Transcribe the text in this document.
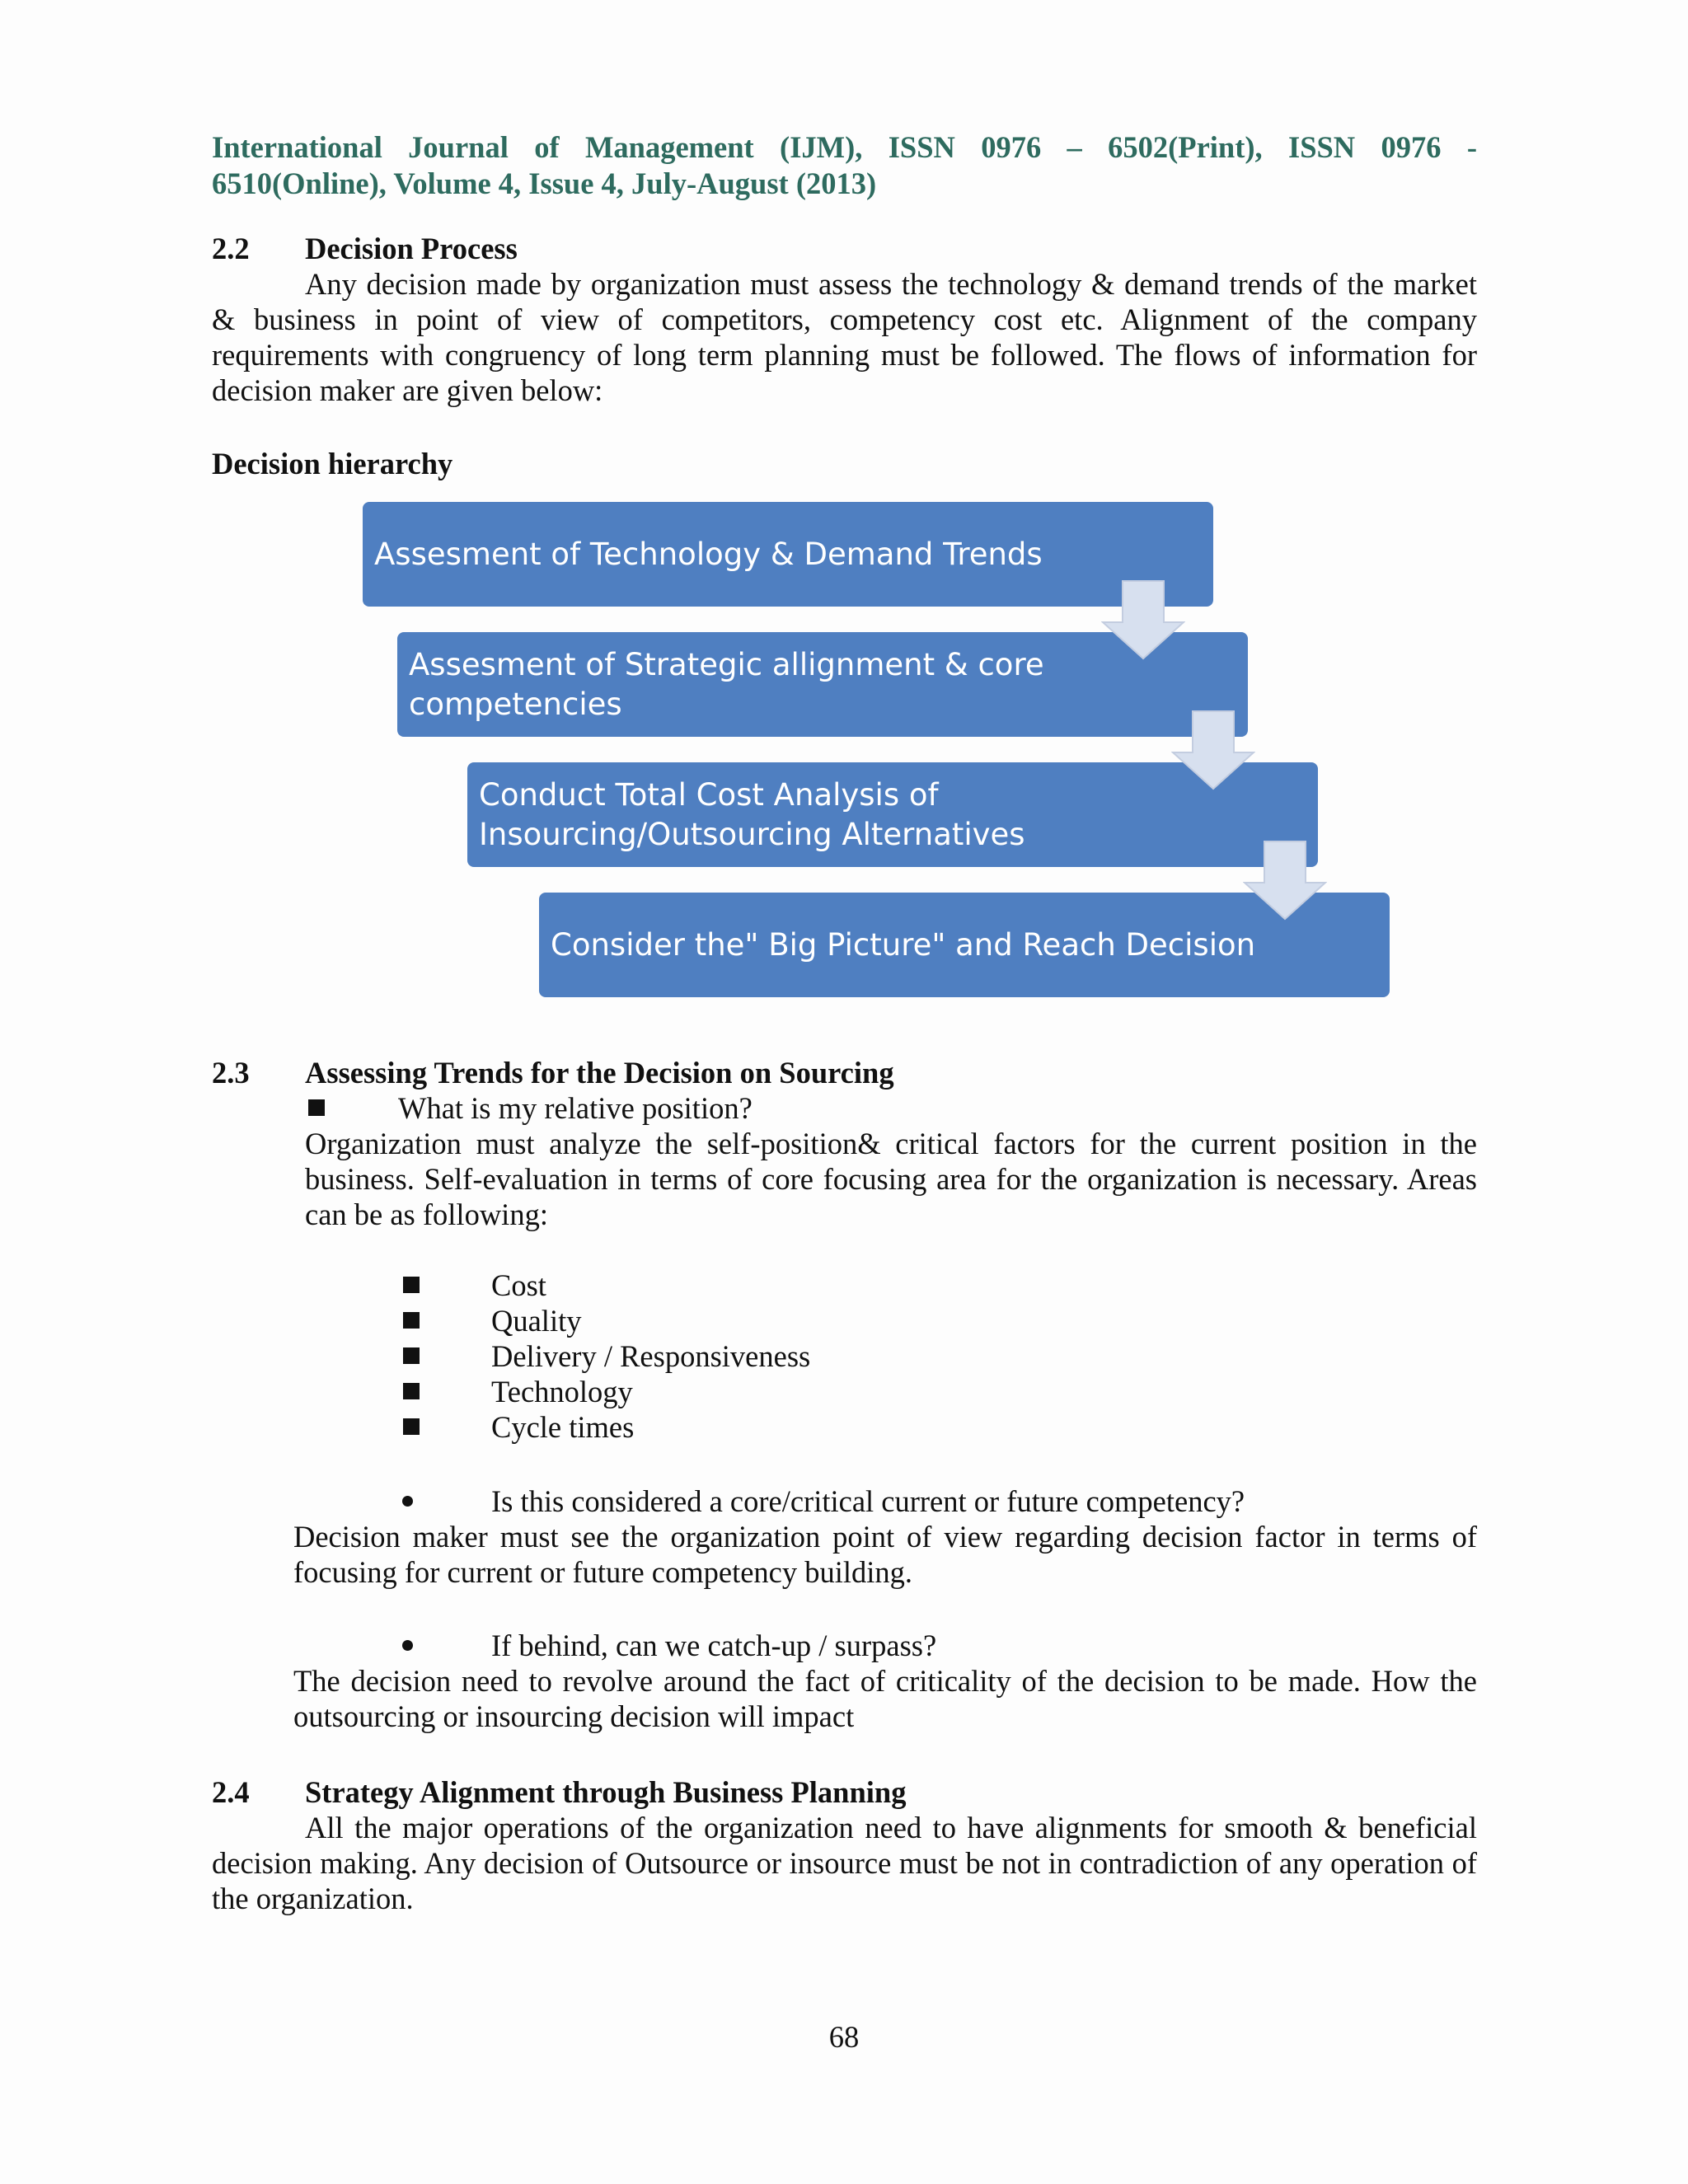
International Journal of Management (IJM), ISSN 0976 – 6502(Print), ISSN 0976 -
6510(Online), Volume 4, Issue 4, July-August (2013)
2.2 Decision Process
Any decision made by organization must assess the technology & demand trends of the market & business in point of view of competitors, competency cost etc. Alignment of the company requirements with congruency of long term planning must be followed. The flows of information for decision maker are given below:
Decision hierarchy
Assesment of Technology & Demand Trends
Assesment of Strategic allignment & core competencies
Conduct Total Cost Analysis of Insourcing/Outsourcing Alternatives
Consider the" Big Picture" and Reach Decision
2.3 Assessing Trends for the Decision on Sourcing
What is my relative position?
Organization must analyze the self-position& critical factors for the current position in the business. Self-evaluation in terms of core focusing area for the organization is necessary. Areas can be as following:
Cost
Quality
Delivery / Responsiveness
Technology
Cycle times
Is this considered a core/critical current or future competency?
Decision maker must see the organization point of view regarding decision factor in terms of focusing for current or future competency building.
If behind, can we catch-up / surpass?
The decision need to revolve around the fact of criticality of the decision to be made. How the outsourcing or insourcing decision will impact
2.4 Strategy Alignment through Business Planning
All the major operations of the organization need to have alignments for smooth & beneficial decision making. Any decision of Outsource or insource must be not in contradiction of any operation of the organization.
68
